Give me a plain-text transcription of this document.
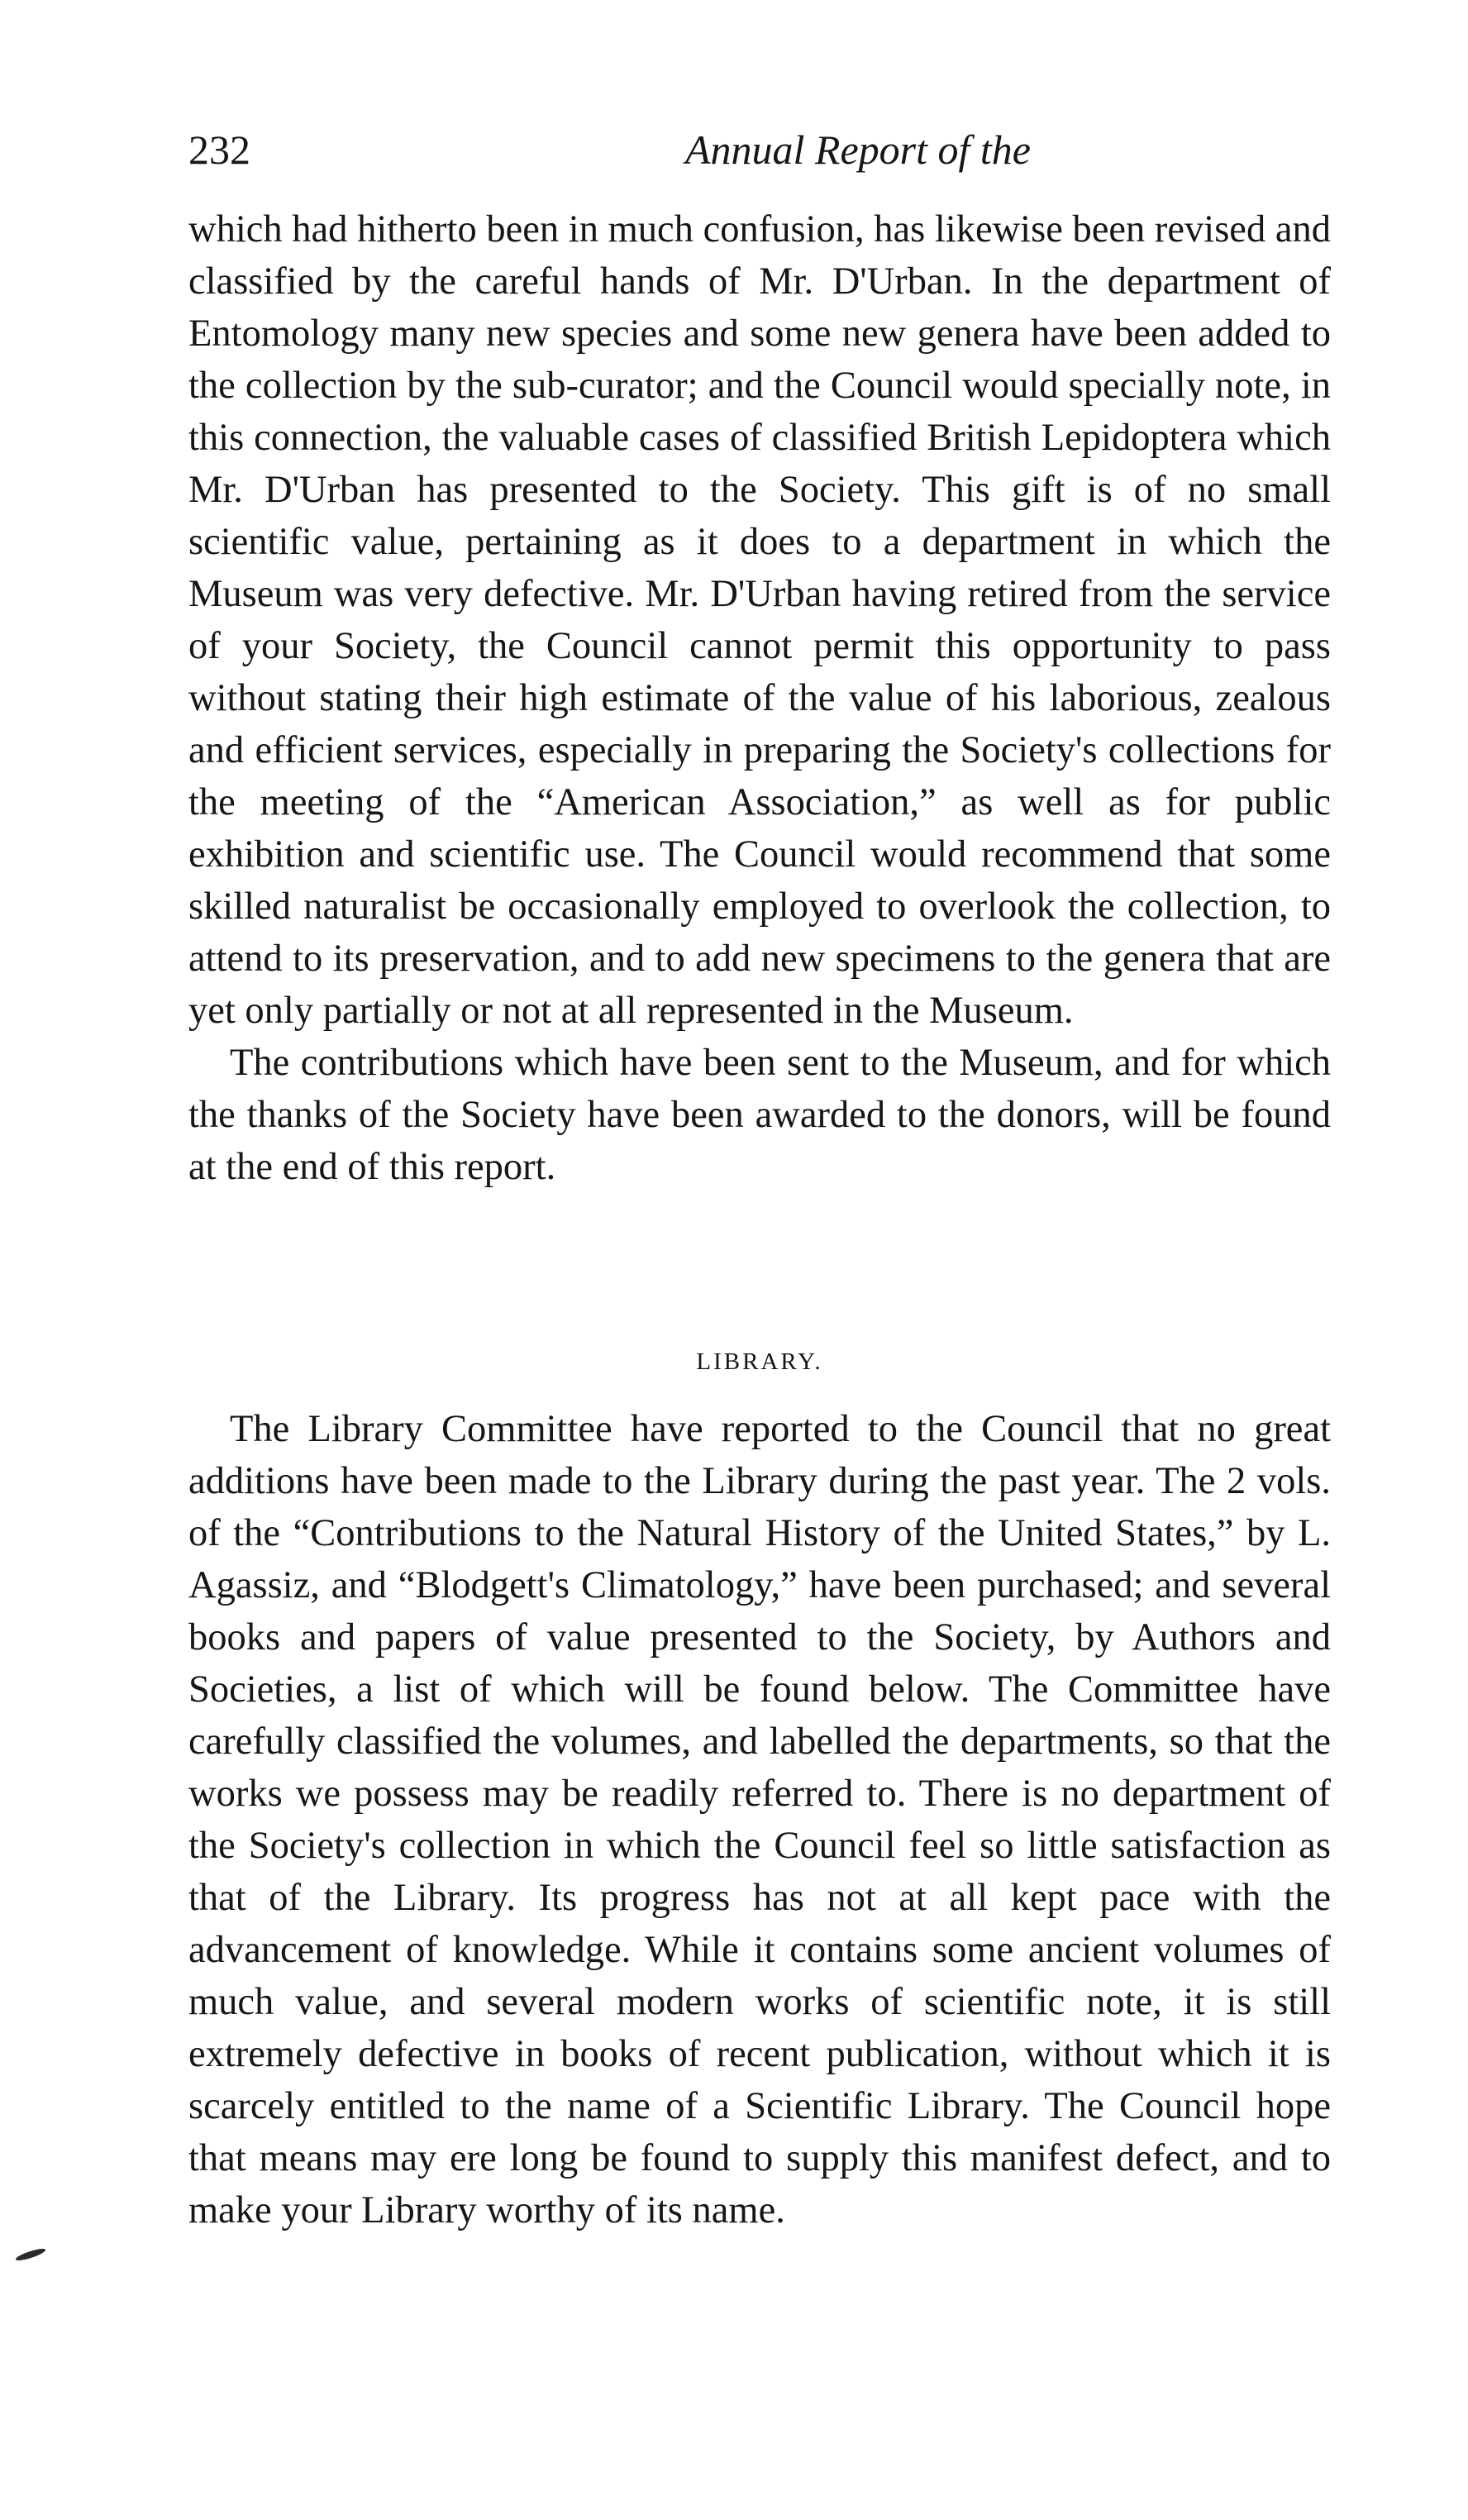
232	Annual Report of the

which had hitherto been in much confusion, has likewise been revised and classified by the careful hands of Mr. D'Urban. In the department of Entomology many new species and some new genera have been added to the collection by the sub-curator; and the Council would specially note, in this connection, the valuable cases of classified British Lepidoptera which Mr. D'Urban has presented to the Society. This gift is of no small scientific value, pertaining as it does to a department in which the Museum was very defective. Mr. D'Urban having retired from the service of your Society, the Council cannot permit this opportunity to pass without stating their high estimate of the value of his laborious, zealous and efficient services, especially in preparing the Society's collections for the meeting of the “American Association,” as well as for public exhibition and scientific use. The Council would recommend that some skilled naturalist be occasionally employed to overlook the collection, to attend to its preservation, and to add new specimens to the genera that are yet only partially or not at all represented in the Museum.

The contributions which have been sent to the Museum, and for which the thanks of the Society have been awarded to the donors, will be found at the end of this report.

LIBRARY.

The Library Committee have reported to the Council that no great additions have been made to the Library during the past year. The 2 vols. of the “Contributions to the Natural History of the United States,” by L. Agassiz, and “Blodgett's Climatology,” have been purchased; and several books and papers of value presented to the Society, by Authors and Societies, a list of which will be found below. The Committee have carefully classified the volumes, and labelled the departments, so that the works we possess may be readily referred to. There is no department of the Society's collection in which the Council feel so little satisfaction as that of the Library. Its progress has not at all kept pace with the advancement of knowledge. While it contains some ancient volumes of much value, and several modern works of scientific note, it is still extremely defective in books of recent publication, without which it is scarcely entitled to the name of a Scientific Library. The Council hope that means may ere long be found to supply this manifest defect, and to make your Library worthy of its name.
